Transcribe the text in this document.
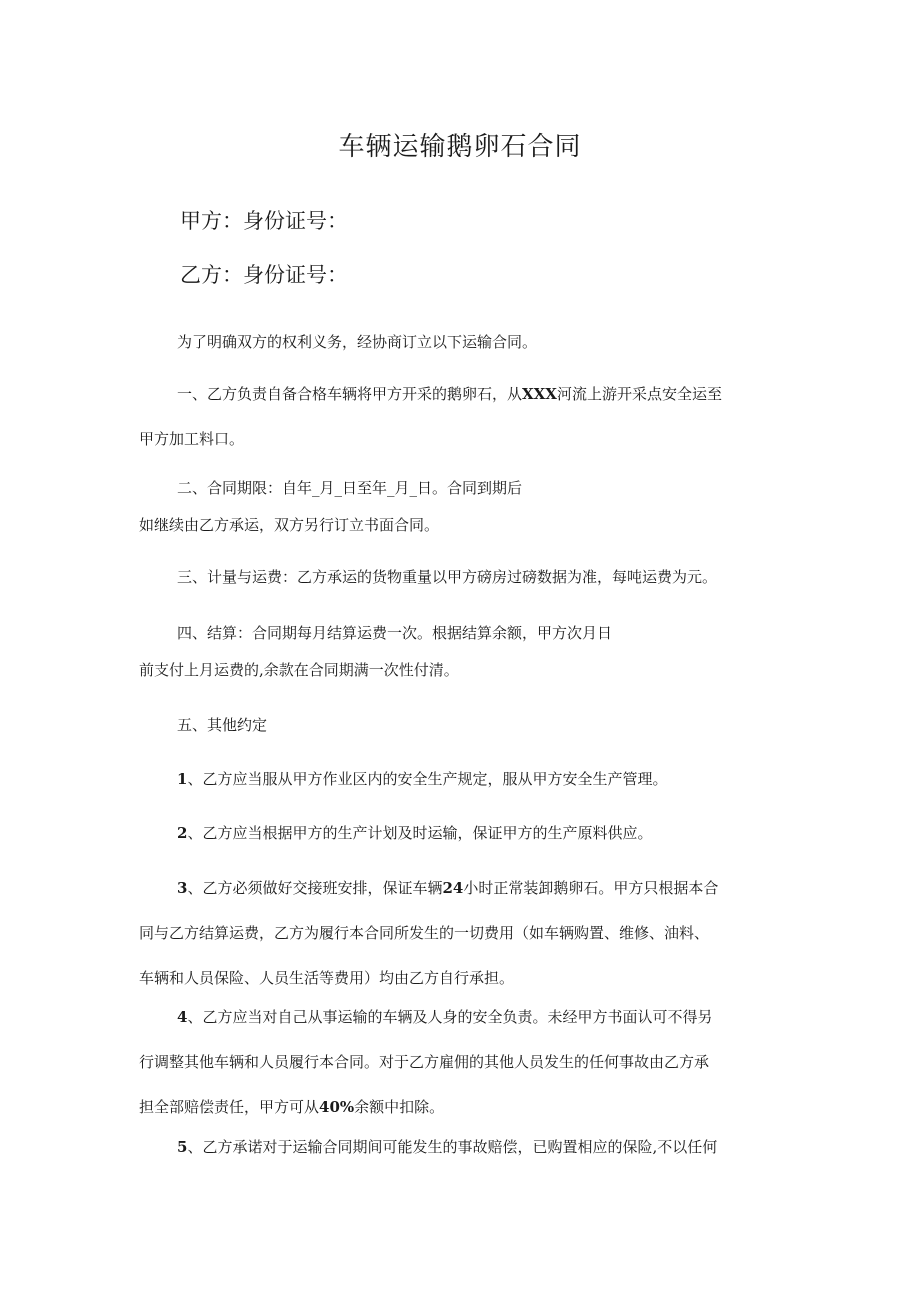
车辆运输鹅卵石合同
甲方：身份证号：
乙方：身份证号：
为了明确双方的权利义务，经协商订立以下运输合同。
一、乙方负责自备合格车辆将甲方开采的鹅卵石，从XXX河流上游开采点安全运至
甲方加工料口。
二、合同期限：自年_月_日至年_月_日。合同到期后
如继续由乙方承运，双方另行订立书面合同。
三、计量与运费：乙方承运的货物重量以甲方磅房过磅数据为准，每吨运费为元。
四、结算：合同期每月结算运费一次。根据结算余额，甲方次月日
前支付上月运费的,余款在合同期满一次性付清。
五、其他约定
1、乙方应当服从甲方作业区内的安全生产规定，服从甲方安全生产管理。
2、乙方应当根据甲方的生产计划及时运输，保证甲方的生产原料供应。
3、乙方必须做好交接班安排，保证车辆24小时正常装卸鹅卵石。甲方只根据本合
同与乙方结算运费，乙方为履行本合同所发生的一切费用（如车辆购置、维修、油料、
车辆和人员保险、人员生活等费用）均由乙方自行承担。
4、乙方应当对自己从事运输的车辆及人身的安全负责。未经甲方书面认可不得另
行调整其他车辆和人员履行本合同。对于乙方雇佣的其他人员发生的任何事故由乙方承
担全部赔偿责任，甲方可从40%余额中扣除。
5、乙方承诺对于运输合同期间可能发生的事故赔偿，已购置相应的保险,不以任何
